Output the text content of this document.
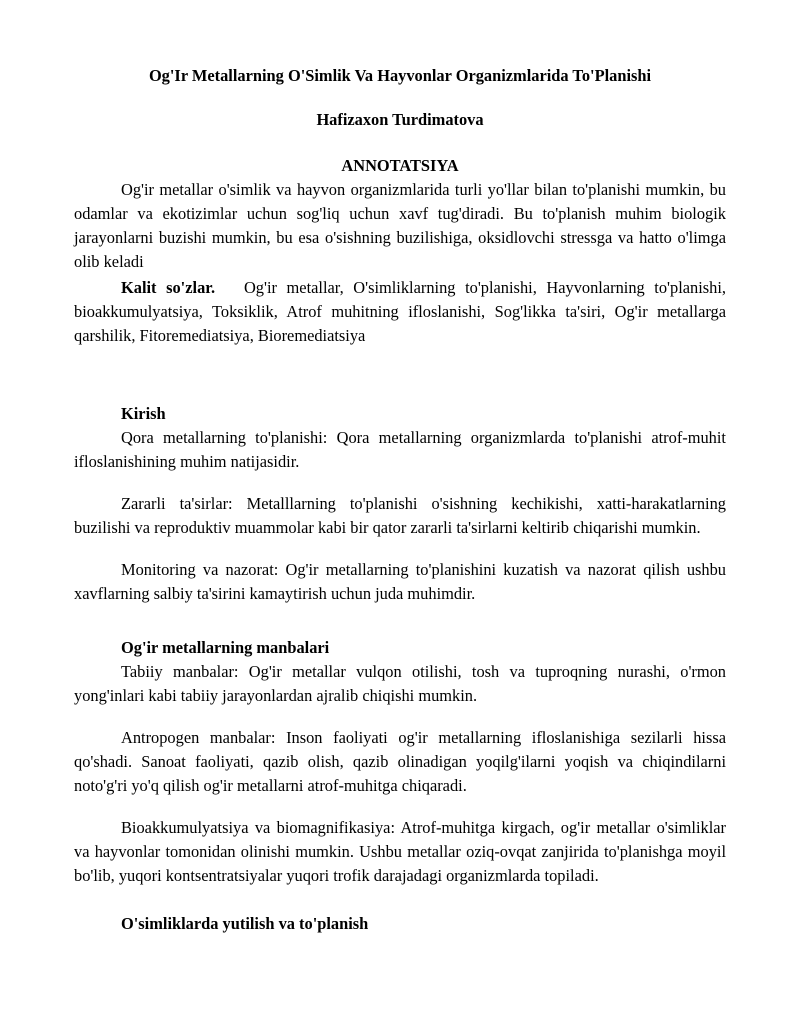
Og'Ir Metallarning O'Simlik Va Hayvonlar Organizmlarida To'Planishi
Hafizaxon Turdimatova
ANNOTATSIYA

Og'ir metallar o'simlik va hayvon organizmlarida turli yo'llar bilan to'planishi mumkin, bu odamlar va ekotizimlar uchun sog'liq uchun xavf tug'diradi. Bu to'planish muhim biologik jarayonlarni buzishi mumkin, bu esa o'sishning buzilishiga, oksidlovchi stressga va hatto o'limga olib keladi

Kalit so'zlar. Og'ir metallar, O'simliklarning to'planishi, Hayvonlarning to'planishi, bioakkumulyatsiya, Toksiklik, Atrof muhitning ifloslanishi, Sog'likka ta'siri, Og'ir metallarga qarshilik, Fitoremediatsiya, Bioremediatsiya

Kirish

Qora metallarning to'planishi: Qora metallarning organizmlarda to'planishi atrof-muhit ifloslanishining muhim natijasidir.

Zararli ta'sirlar: Metalllarning to'planishi o'sishning kechikishi, xatti-harakatlarning buzilishi va reproduktiv muammolar kabi bir qator zararli ta'sirlarni keltirib chiqarishi mumkin.

Monitoring va nazorat: Og'ir metallarning to'planishini kuzatish va nazorat qilish ushbu xavflarning salbiy ta'sirini kamaytirish uchun juda muhimdir.

Og'ir metallarning manbalari

Tabiiy manbalar: Og'ir metallar vulqon otilishi, tosh va tuproqning nurashi, o'rmon yong'inlari kabi tabiiy jarayonlardan ajralib chiqishi mumkin.

Antropogen manbalar: Inson faoliyati og'ir metallarning ifloslanishiga sezilarli hissa qo'shadi. Sanoat faoliyati, qazib olish, qazib olinadigan yoqilg'ilarni yoqish va chiqindilarni noto'g'ri yo'q qilish og'ir metallarni atrof-muhitga chiqaradi.

Bioakkumulyatsiya va biomagnifikasiya: Atrof-muhitga kirgach, og'ir metallar o'simliklar va hayvonlar tomonidan olinishi mumkin. Ushbu metallar oziq-ovqat zanjirida to'planishga moyil bo'lib, yuqori kontsentratsiyalar yuqori trofik darajadagi organizmlarda topiladi.

O'simliklarda yutilish va to'planish
